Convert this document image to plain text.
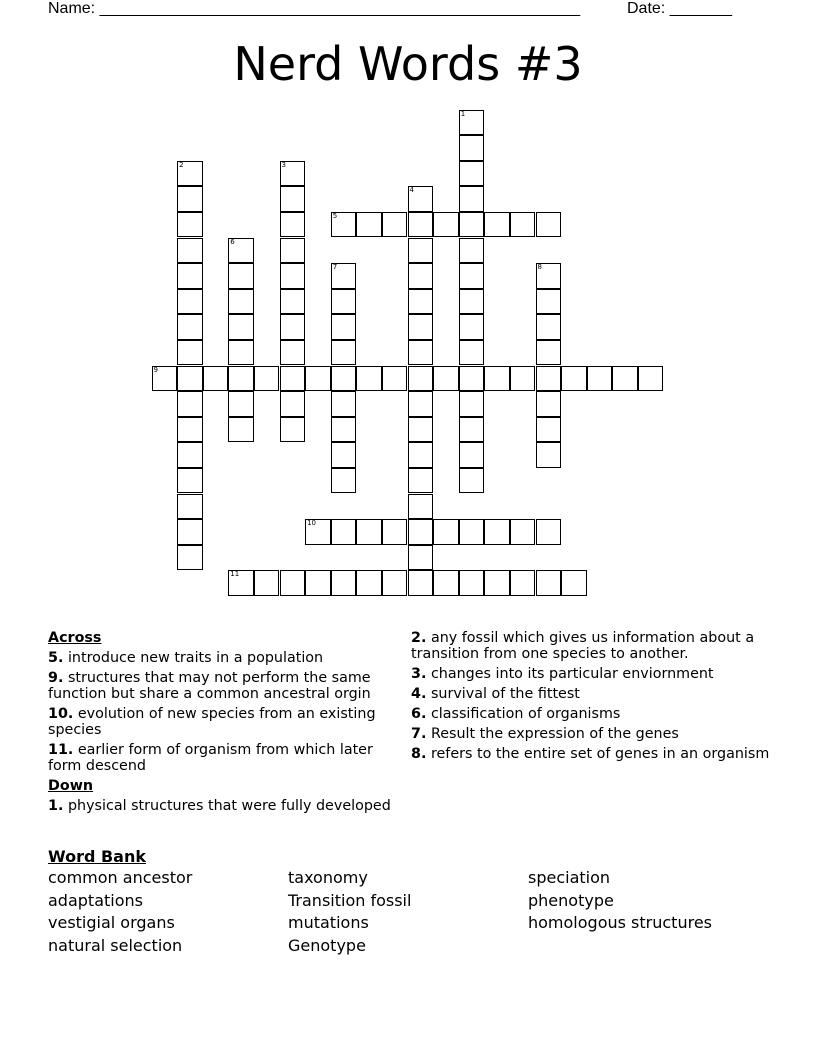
Name: ______________________________________________________	Date: _______
Nerd Words #3
1
2	3
4
5
6
7	8
9
10
11
Across
5. introduce new traits in a population
9. structures that may not perform the same function but share a common ancestral orgin
10. evolution of new species from an existing species
11. earlier form of organism from which later form descend
Down
1. physical structures that were fully developed
2. any fossil which gives us information about a transition from one species to another.
3. changes into its particular enviornment
4. survival of the fittest
6. classification of organisms
7. Result the expression of the genes
8. refers to the entire set of genes in an organism
Word Bank
common ancestor
adaptations
vestigial organs
natural selection
taxonomy
Transition fossil
mutations
Genotype
speciation
phenotype
homologous structures
